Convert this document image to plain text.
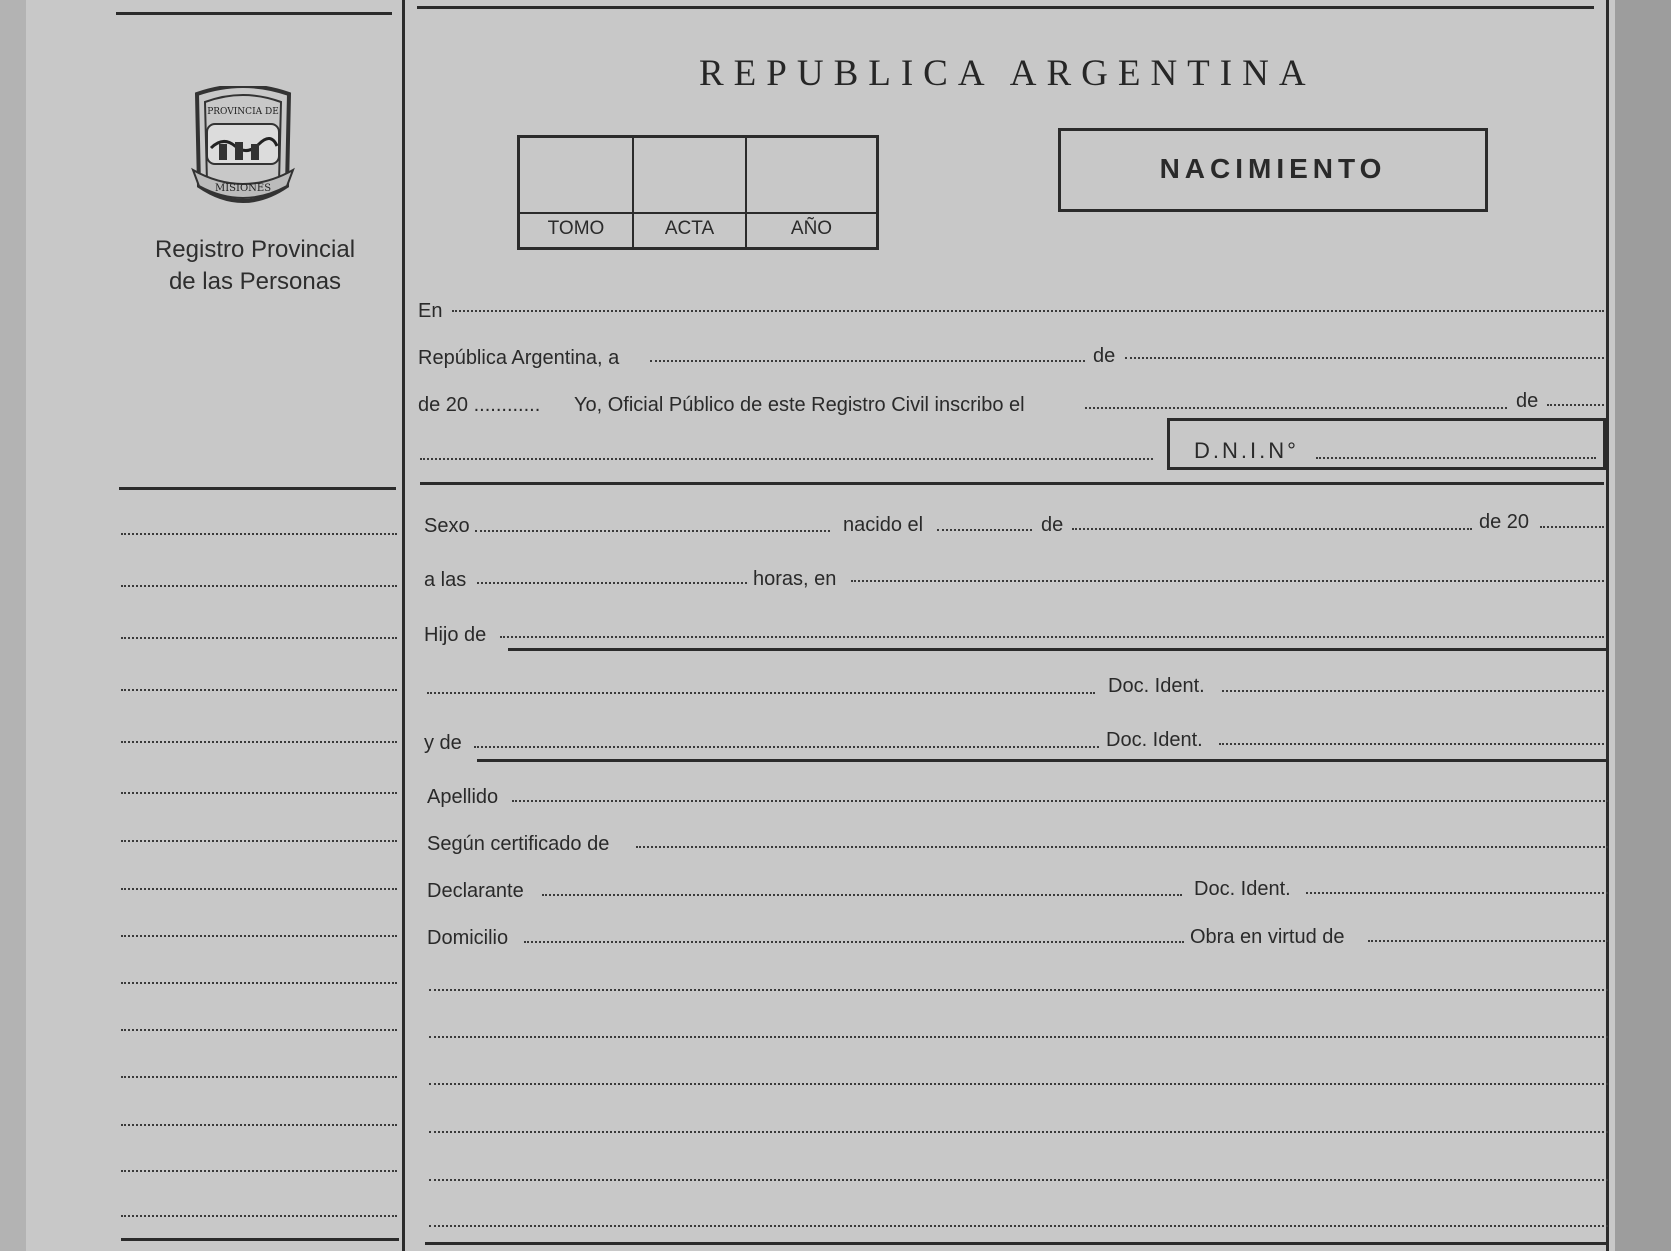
PROVINCIA DE
MISIONES
Registro Provincial
de las Personas
REPUBLICA ARGENTINA
TOMO	ACTA	AÑO
NACIMIENTO
En
República Argentina, a	de
de 20 ............ Yo, Oficial Público de este Registro Civil inscribo el	de
D.N.I.N°
Sexo	nacido el	de	de 20
a las	horas, en
Hijo de
Doc. Ident.
y de	Doc. Ident.
Apellido
Según certificado de
Declarante	Doc. Ident.
Domicilio	Obra en virtud de
